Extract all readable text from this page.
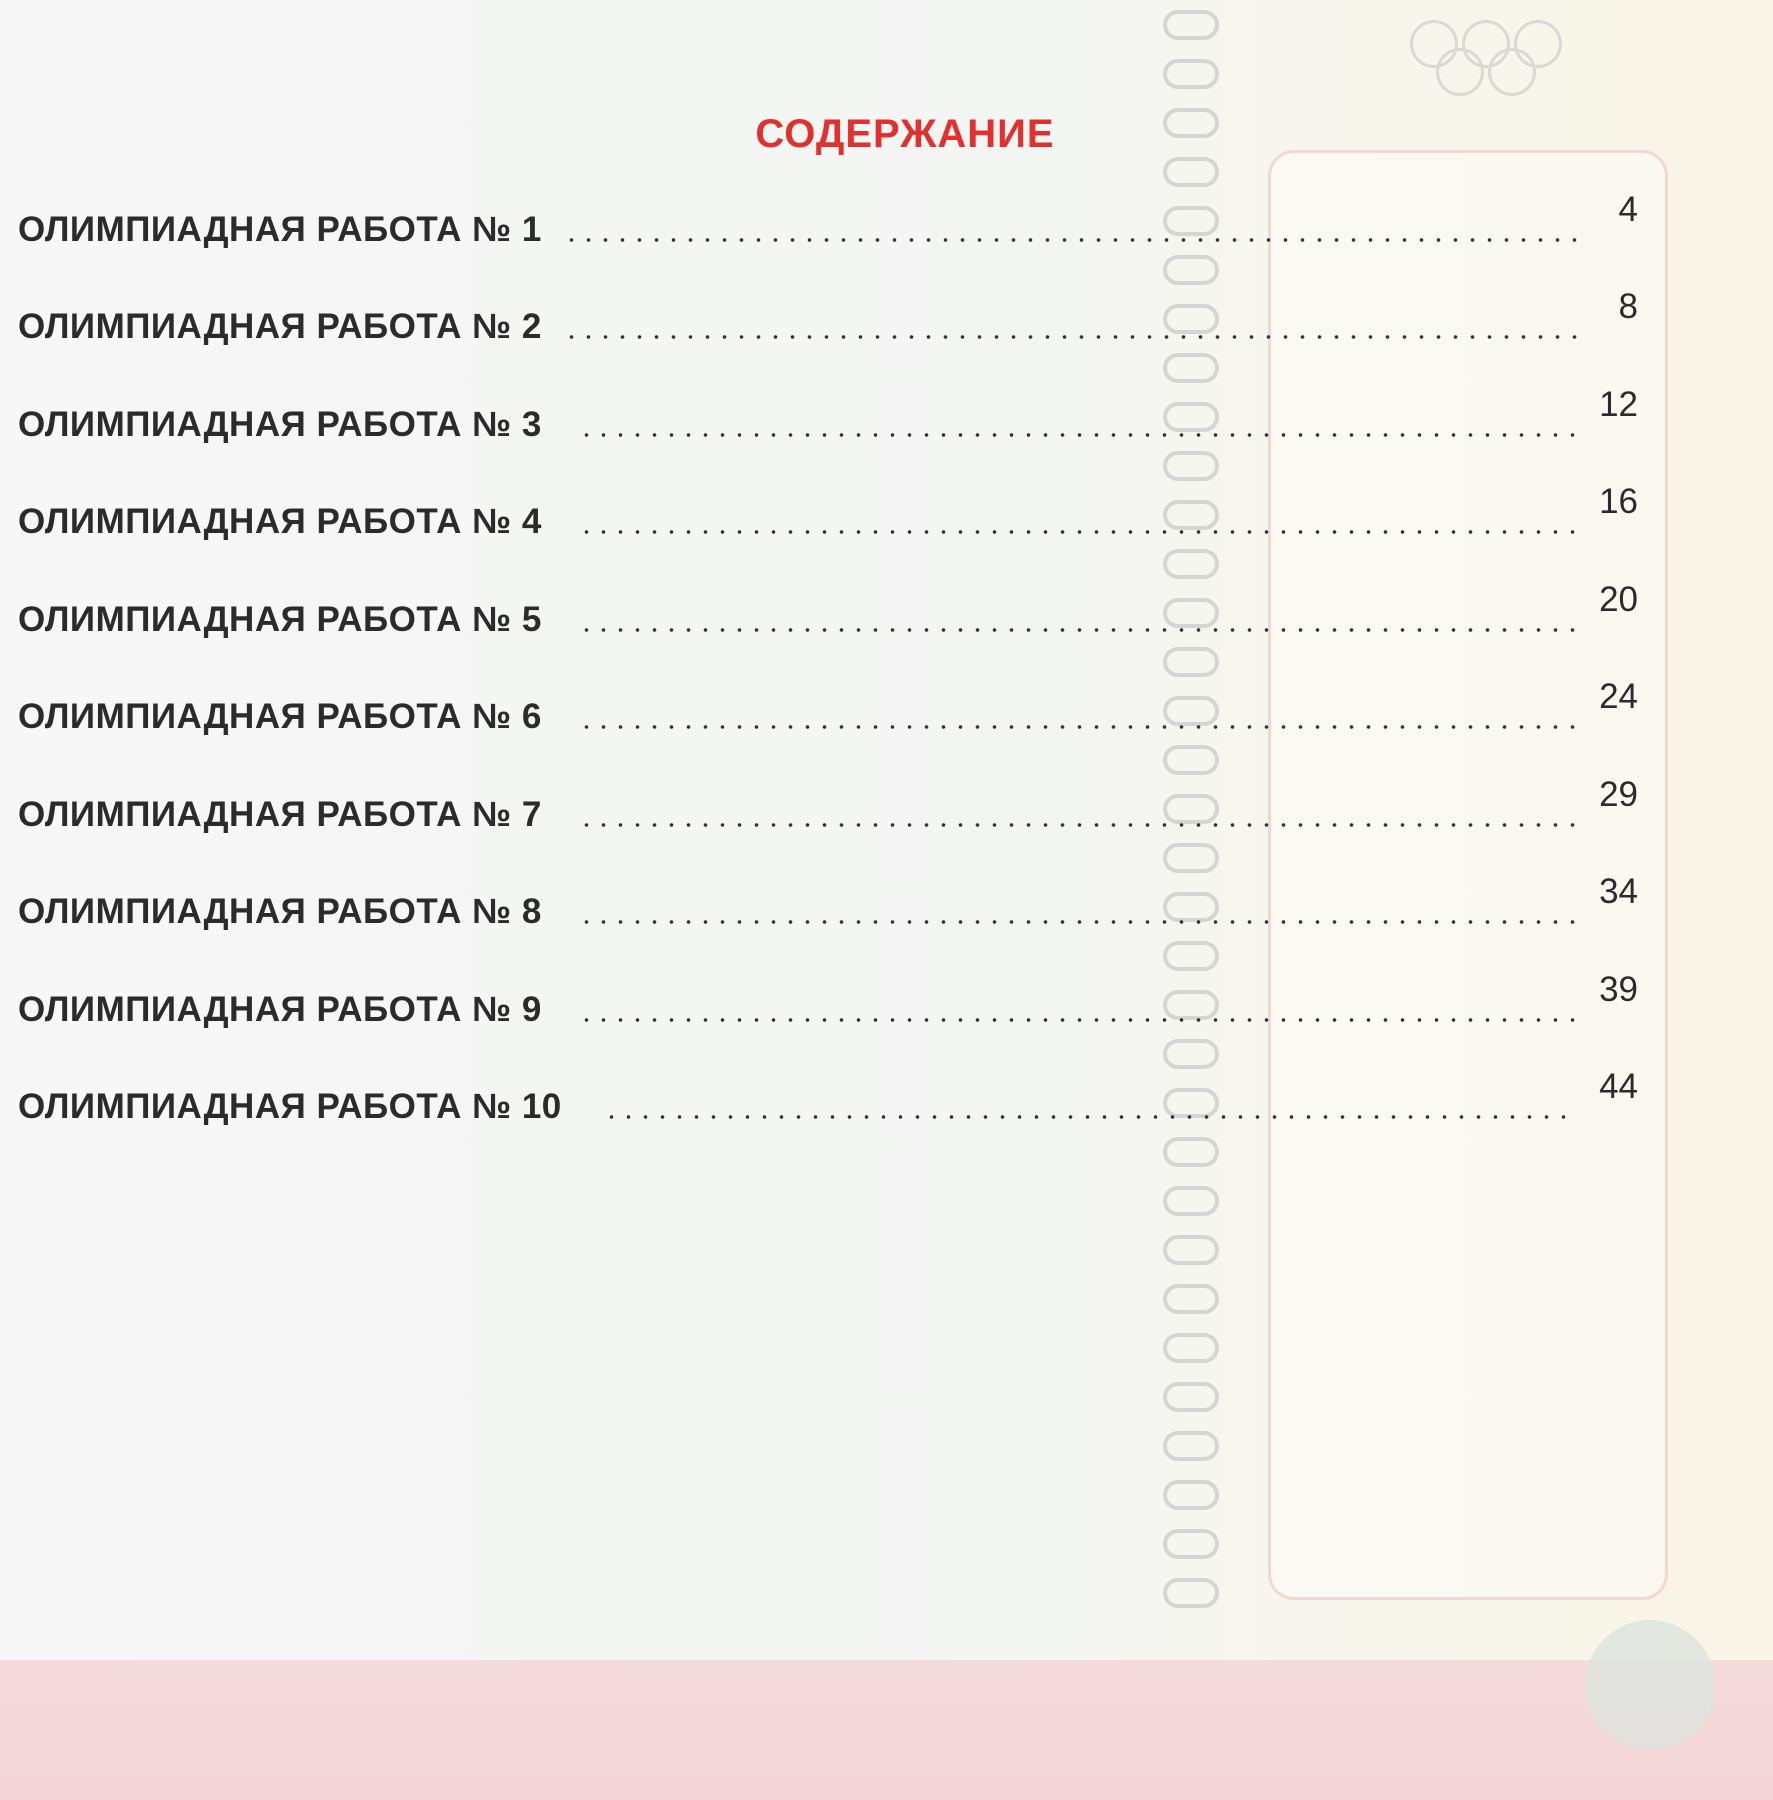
СОДЕРЖАНИЕ
ОЛИМПИАДНАЯ РАБОТА № 1
4
ОЛИМПИАДНАЯ РАБОТА № 2
8
ОЛИМПИАДНАЯ РАБОТА № 3
12
ОЛИМПИАДНАЯ РАБОТА № 4
16
ОЛИМПИАДНАЯ РАБОТА № 5
20
ОЛИМПИАДНАЯ РАБОТА № 6
24
ОЛИМПИАДНАЯ РАБОТА № 7
29
ОЛИМПИАДНАЯ РАБОТА № 8
34
ОЛИМПИАДНАЯ РАБОТА № 9
39
ОЛИМПИАДНАЯ РАБОТА № 10
44
